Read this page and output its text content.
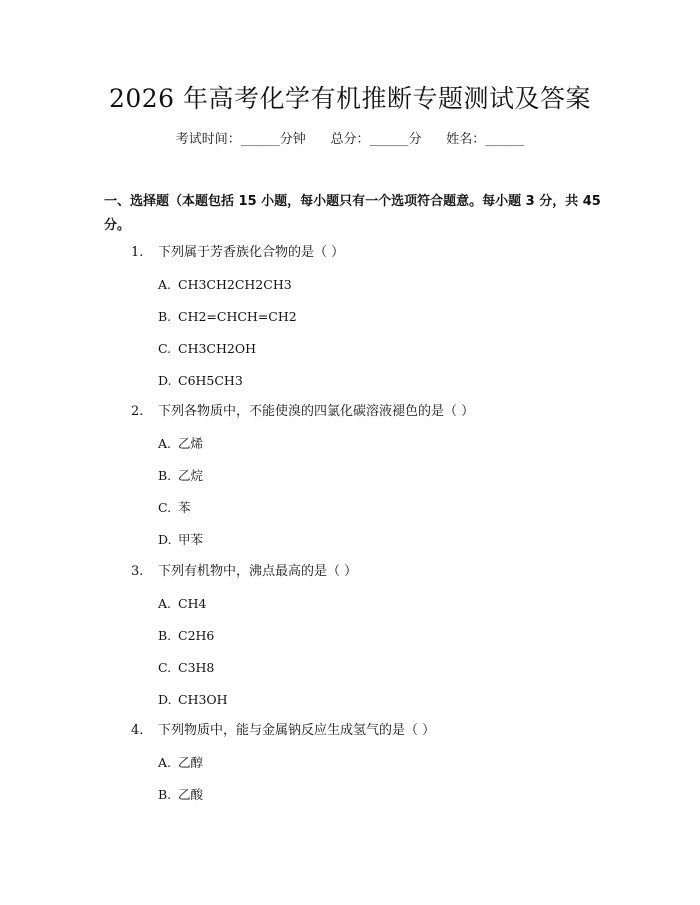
2026 年高考化学有机推断专题测试及答案
考试时间：______分钟      总分：______分      姓名：______
一、选择题（本题包括 15 小题，每小题只有一个选项符合题意。每小题 3 分，共 45 分。
1. 下列属于芳香族化合物的是（ ）
A. CH3CH2CH2CH3
B. CH2=CHCH=CH2
C. CH3CH2OH
D. C6H5CH3
2. 下列各物质中，不能使溴的四氯化碳溶液褪色的是（ ）
A. 乙烯
B. 乙烷
C. 苯
D. 甲苯
3. 下列有机物中，沸点最高的是（ ）
A. CH4
B. C2H6
C. C3H8
D. CH3OH
4. 下列物质中，能与金属钠反应生成氢气的是（ ）
A. 乙醇
B. 乙酸
